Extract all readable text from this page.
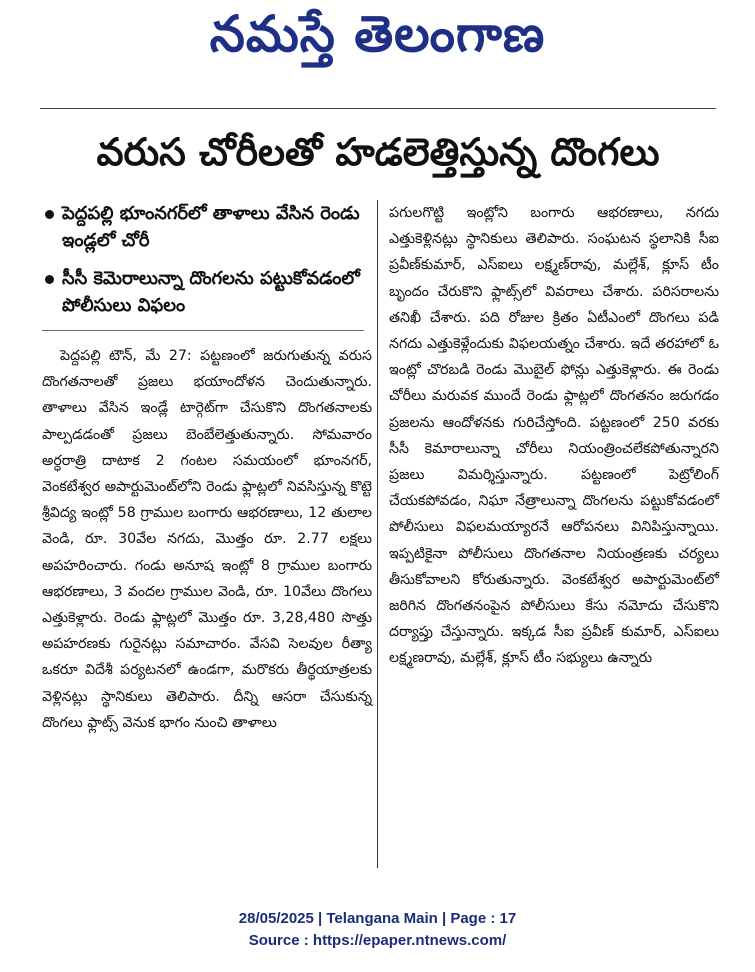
నమస్తే తెలంగాణ
వరుస చోరీలతో హడలెత్తిస్తున్న దొంగలు
పెద్దపల్లి భూంనగర్‌లో తాళాలు వేసిన రెండు ఇండ్లలో చోరీ
సీసీ కెమెరాలున్నా దొంగలను పట్టుకోవడంలో పోలీసులు విఫలం

పెద్దపల్లి టౌన్, మే 27: పట్టణంలో జరుగుతున్న వరుస దొంగతనాలతో ప్రజలు భయాందోళన చెందుతున్నారు. తాళాలు వేసిన ఇండ్లే టార్గెట్‌గా చేసుకొని దొంగతనాలకు పాల్పడడంతో ప్రజలు బెంబేలెత్తుతున్నారు. సోమవారం అర్ధరాత్రి దాటాక 2 గంటల సమయంలో భూంనగర్, వెంకటేశ్వర అపార్టుమెంట్‌లోని రెండు ఫ్లాట్లలో నివసిస్తున్న కొట్టె శ్రీవిద్య ఇంట్లో 58 గ్రాముల బంగారు ఆభరణాలు, 12 తులాల వెండి, రూ. 30వేల నగదు, మొత్తం రూ. 2.77 లక్షలు అపహరించారు. గండు అనూష ఇంట్లో 8 గ్రాముల బంగారు ఆభరణాలు, 3 వందల గ్రాముల వెండి, రూ. 10వేలు దొంగలు ఎత్తుకెళ్లారు. రెండు ఫ్లాట్లలో మొత్తం రూ. 3,28,480 సొత్తు అపహరణకు గురైనట్లు సమాచారం. వేసవి సెలవుల రీత్యా ఒకరూ విదేశీ పర్యటనలో ఉండగా, మరొకరు తీర్థయాత్రలకు వెళ్లినట్లు స్థానికులు తెలిపారు. దీన్ని ఆసరా చేసుకున్న దొంగలు ఫ్లాట్స్ వెనుక భాగం నుంచి తాళాలు

పగులగొట్టి ఇంట్లోని బంగారు ఆభరణాలు, నగదు ఎత్తుకెళ్లినట్లు స్థానికులు తెలిపారు. సంఘటన స్థలానికి సీఐ ప్రవీణ్‌కుమార్, ఎస్ఐలు లక్ష్మణ్‌రావు, మల్లేశ్, క్లూస్ టీం బృందం చేరుకొని ఫ్లాట్స్‌లో వివరాలు చేశారు. పరిసరాలను తనిఖీ చేశారు. పది రోజుల క్రితం ఏటీఎంలో దొంగలు పడి నగదు ఎత్తుకెళ్లేందుకు విఫలయత్నం చేశారు. ఇదే తరహాలో ఓ ఇంట్లో చొరబడి రెండు మొబైల్ ఫోన్లు ఎత్తుకెళ్లారు. ఈ రెండు చోరీలు మరువక ముందే రెండు ఫ్లాట్లలో దొంగతనం జరుగడం ప్రజలను ఆందోళనకు గురిచేస్తోంది. పట్టణంలో 250 వరకు సీసీ కెమారాలున్నా చోరీలు నియంత్రించలేకపోతున్నారని ప్రజలు విమర్శిస్తున్నారు. పట్టణంలో పెట్రోలింగ్ చేయకపోవడం, నిఘా నేత్రాలున్నా దొంగలను పట్టుకోవడంలో పోలీసులు విఫలమయ్యారనే ఆరోపనలు వినిపిస్తున్నాయి. ఇప్పటికైనా పోలీసులు దొంగతనాల నియంత్రణకు చర్యలు తీసుకోవాలని కోరుతున్నారు. వెంకటేశ్వర అపార్టుమెంట్‌లో జరిగిన దొంగతనంపైన పోలీసులు కేసు నమోదు చేసుకొని దర్యాప్తు చేస్తున్నారు. ఇక్కడ సీఐ ప్రవీణ్ కుమార్, ఎస్ఐలు లక్ష్మణరావు, మల్లేశ్, క్లూస్ టీం సభ్యులు ఉన్నారు

28/05/2025 | Telangana Main | Page : 17
Source : https://epaper.ntnews.com/
